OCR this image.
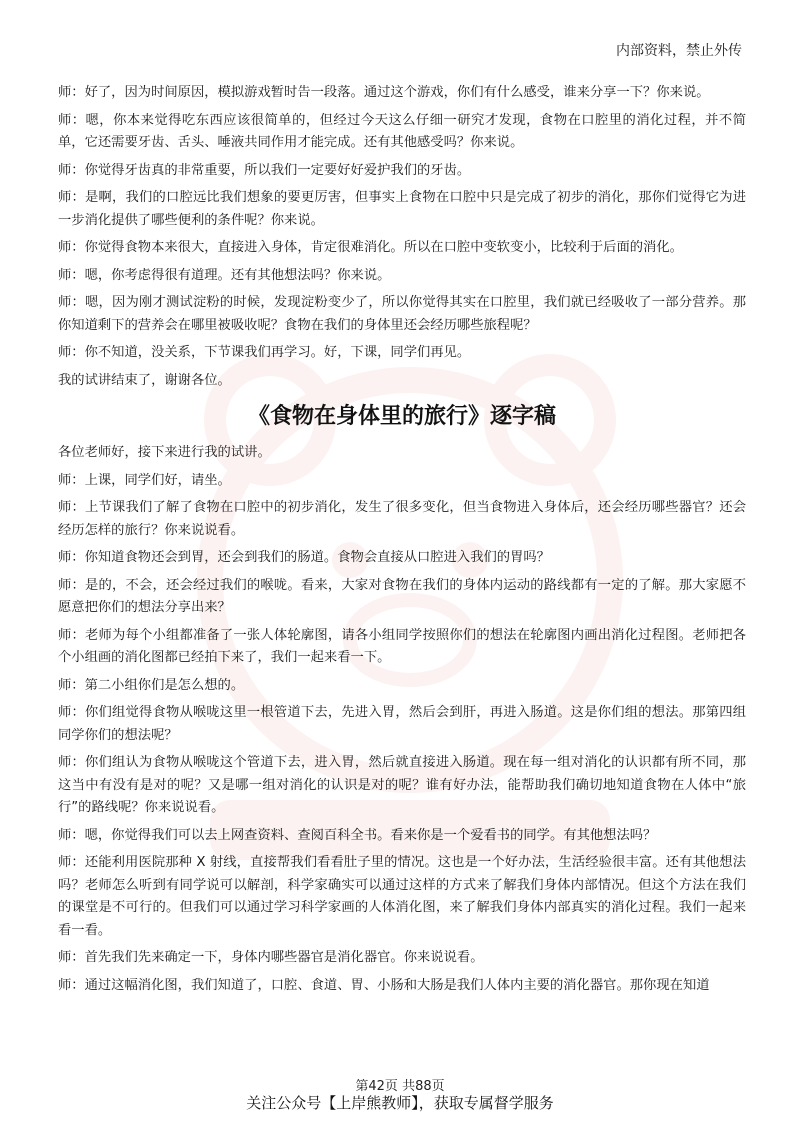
内部资料，禁止外传

师：好了，因为时间原因，模拟游戏暂时告一段落。通过这个游戏，你们有什么感受，谁来分享一下？你来说。

师：嗯，你本来觉得吃东西应该很简单的，但经过今天这么仔细一研究才发现，食物在口腔里的消化过程，并不简单，它还需要牙齿、舌头、唾液共同作用才能完成。还有其他感受吗？你来说。

师：你觉得牙齿真的非常重要，所以我们一定要好好爱护我们的牙齿。

师：是啊，我们的口腔远比我们想象的要更厉害，但事实上食物在口腔中只是完成了初步的消化，那你们觉得它为进一步消化提供了哪些便利的条件呢？你来说。

师：你觉得食物本来很大，直接进入身体，肯定很难消化。所以在口腔中变软变小，比较利于后面的消化。

师：嗯，你考虑得很有道理。还有其他想法吗？你来说。

师：嗯，因为刚才测试淀粉的时候，发现淀粉变少了，所以你觉得其实在口腔里，我们就已经吸收了一部分营养。那你知道剩下的营养会在哪里被吸收呢？食物在我们的身体里还会经历哪些旅程呢？

师：你不知道，没关系，下节课我们再学习。好，下课，同学们再见。

我的试讲结束了，谢谢各位。

《食物在身体里的旅行》逐字稿

各位老师好，接下来进行我的试讲。

师：上课，同学们好，请坐。

师：上节课我们了解了食物在口腔中的初步消化，发生了很多变化，但当食物进入身体后，还会经历哪些器官？还会经历怎样的旅行？你来说说看。

师：你知道食物还会到胃，还会到我们的肠道。食物会直接从口腔进入我们的胃吗？

师：是的，不会，还会经过我们的喉咙。看来，大家对食物在我们的身体内运动的路线都有一定的了解。那大家愿不愿意把你们的想法分享出来？

师：老师为每个小组都准备了一张人体轮廓图，请各小组同学按照你们的想法在轮廓图内画出消化过程图。老师把各个小组画的消化图都已经拍下来了，我们一起来看一下。

师：第二小组你们是怎么想的。

师：你们组觉得食物从喉咙这里一根管道下去，先进入胃，然后会到肝，再进入肠道。这是你们组的想法。那第四组同学你们的想法呢？

师：你们组认为食物从喉咙这个管道下去，进入胃，然后就直接进入肠道。现在每一组对消化的认识都有所不同，那这当中有没有是对的呢？又是哪一组对消化的认识是对的呢？谁有好办法，能帮助我们确切地知道食物在人体中“旅行”的路线呢？你来说说看。

师：嗯，你觉得我们可以去上网查资料、查阅百科全书。看来你是一个爱看书的同学。有其他想法吗？

师：还能利用医院那种 X 射线，直接帮我们看看肚子里的情况。这也是一个好办法，生活经验很丰富。还有其他想法吗？老师怎么听到有同学说可以解剖，科学家确实可以通过这样的方式来了解我们身体内部情况。但这个方法在我们的课堂是不可行的。但我们可以通过学习科学家画的人体消化图，来了解我们身体内部真实的消化过程。我们一起来看一看。

师：首先我们先来确定一下，身体内哪些器官是消化器官。你来说说看。

师：通过这幅消化图，我们知道了，口腔、食道、胃、小肠和大肠是我们人体内主要的消化器官。那你现在知道

第42页 共88页
关注公众号【上岸熊教师】，获取专属督学服务
